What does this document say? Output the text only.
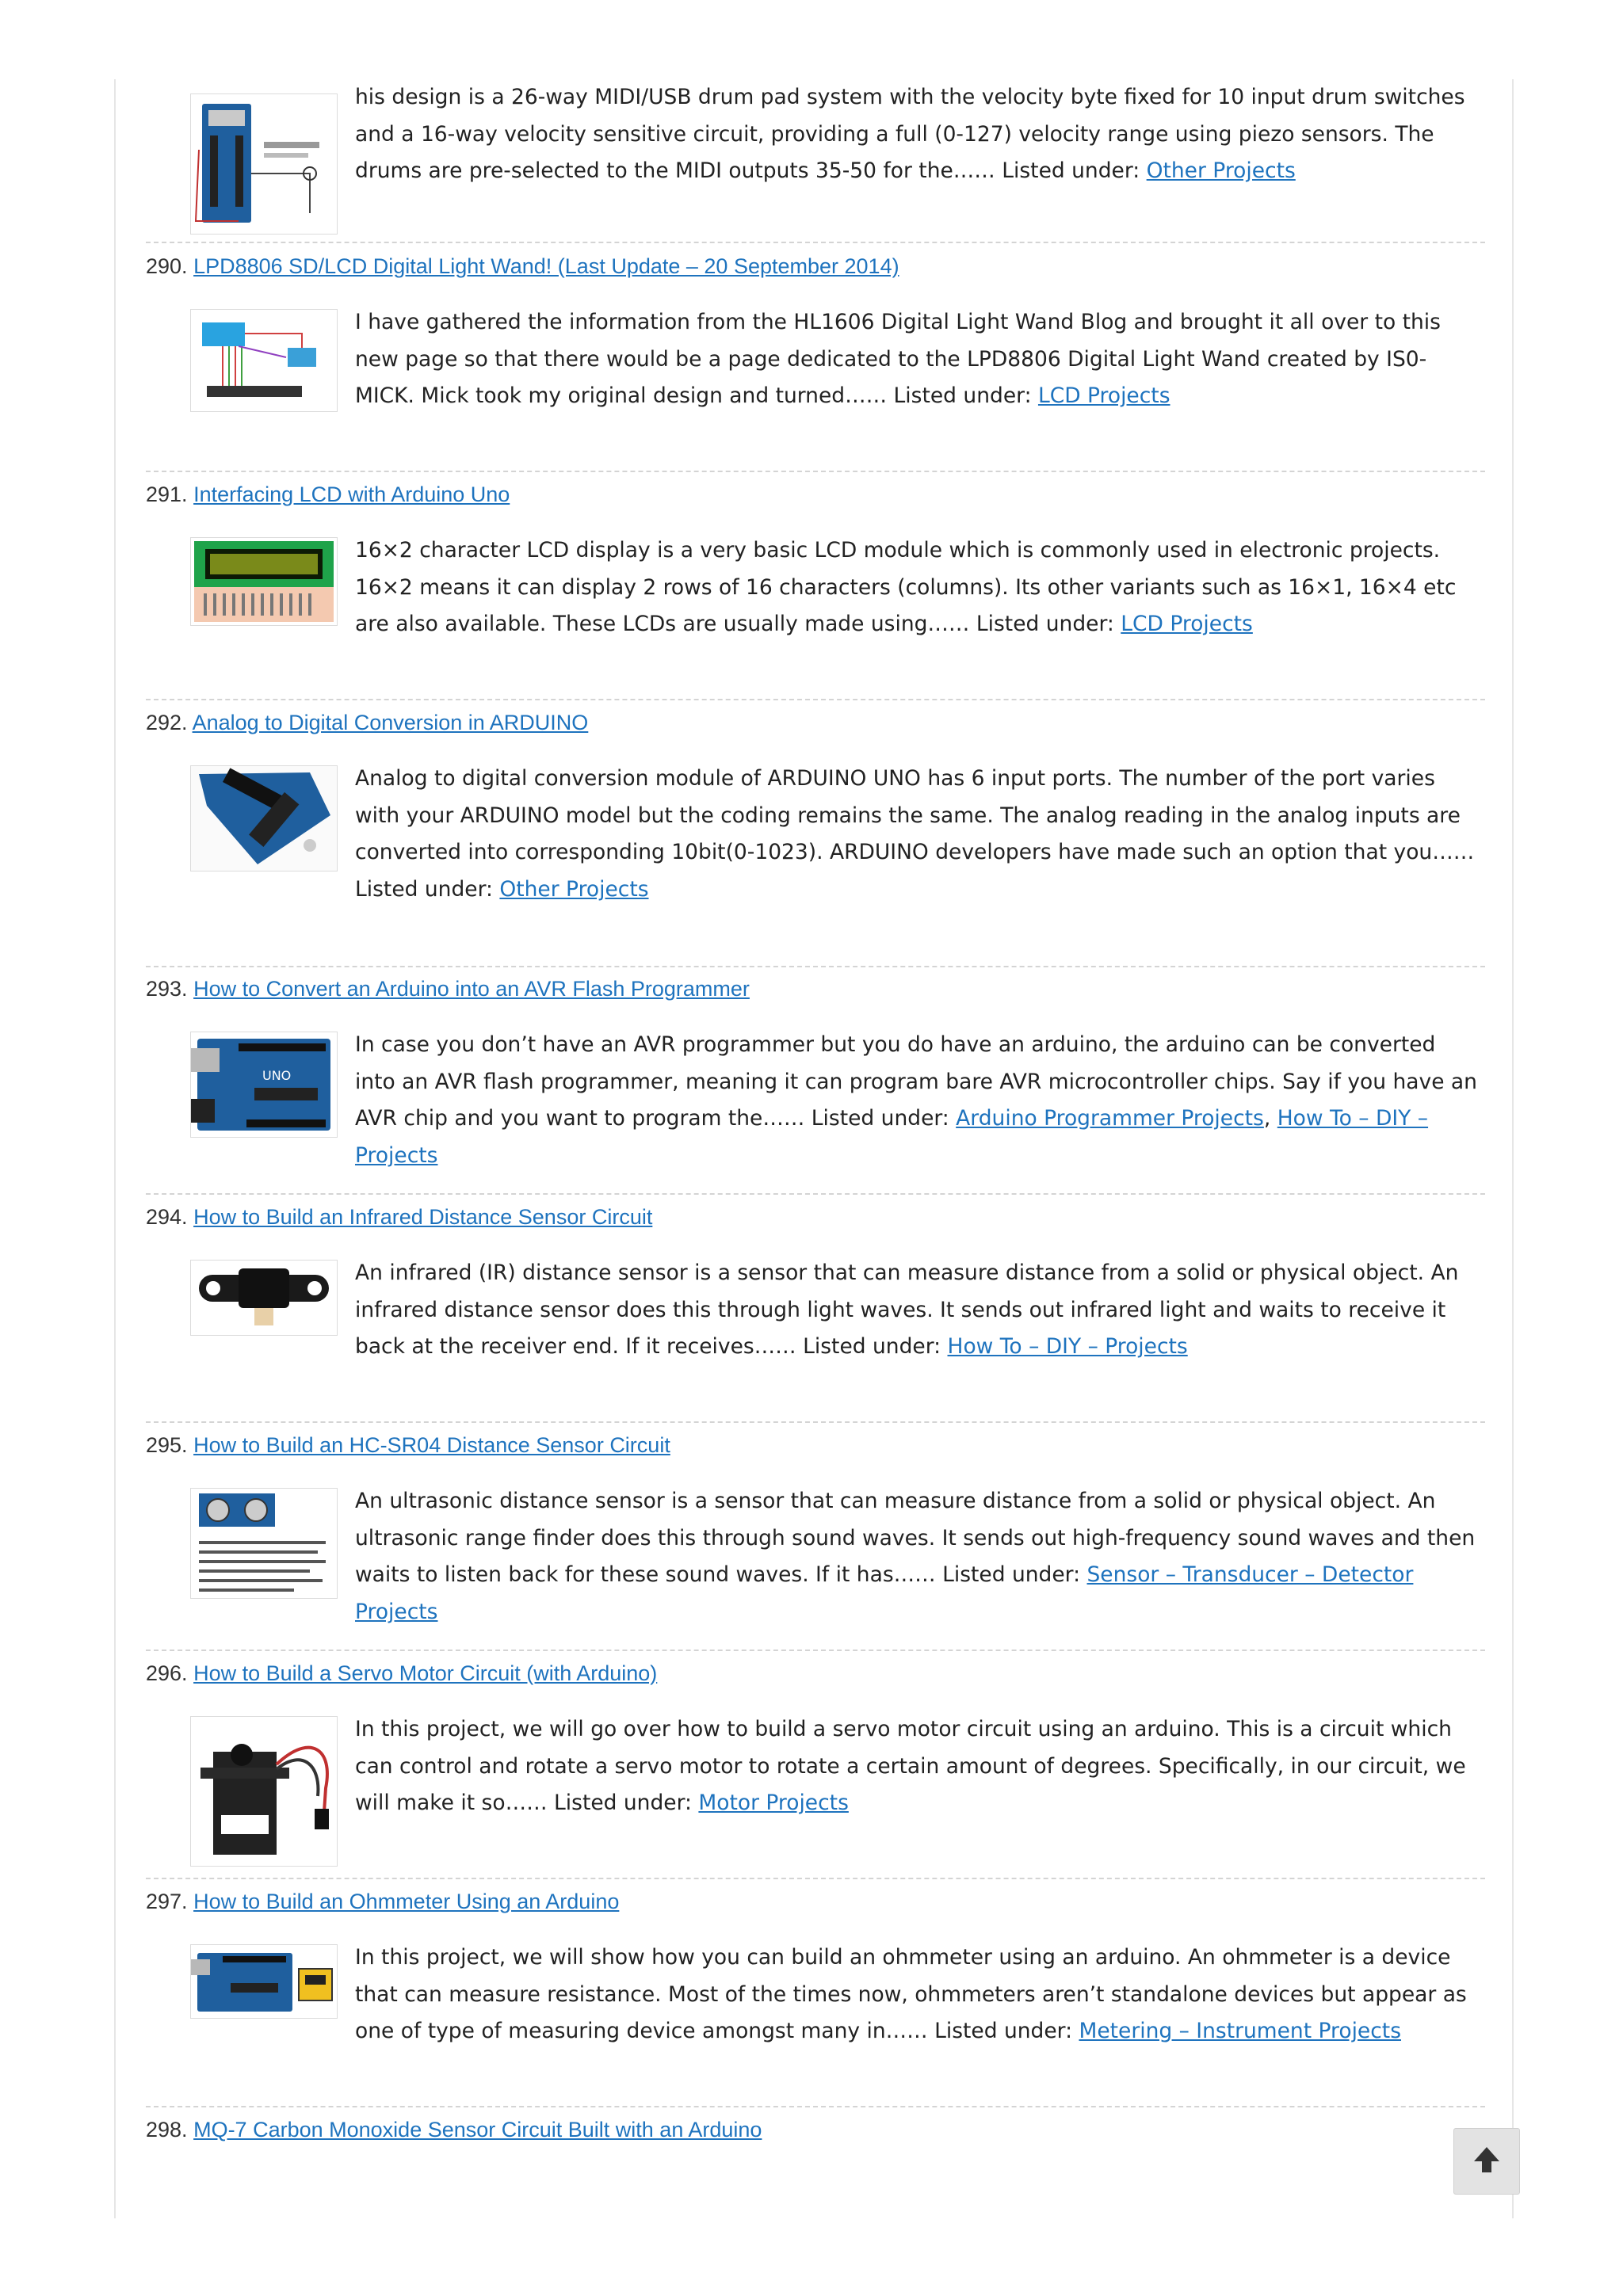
his design is a 26-way MIDI/USB drum pad system with the velocity byte fixed for 10 input drum switches and a 16-way velocity sensitive circuit, providing a full (0-127) velocity range using piezo sensors. The drums are pre-selected to the MIDI outputs 35-50 for the…… Listed under: Other Projects
290. LPD8806 SD/LCD Digital Light Wand! (Last Update – 20 September 2014)
I have gathered the information from the HL1606 Digital Light Wand Blog and brought it all over to this new page so that there would be a page dedicated to the LPD8806 Digital Light Wand created by IS0-MICK. Mick took my original design and turned…… Listed under: LCD Projects
291. Interfacing LCD with Arduino Uno
16×2 character LCD display is a very basic LCD module which is commonly used in electronic projects. 16×2 means it can display 2 rows of 16 characters (columns). Its other variants such as 16×1, 16×4 etc are also available. These LCDs are usually made using…… Listed under: LCD Projects
292. Analog to Digital Conversion in ARDUINO
Analog to digital conversion module of ARDUINO UNO has 6 input ports. The number of the port varies with your ARDUINO model but the coding remains the same. The analog reading in the analog inputs are converted into corresponding 10bit(0-1023). ARDUINO developers have made such an option that you…… Listed under: Other Projects
293. How to Convert an Arduino into an AVR Flash Programmer
UNO
In case you don’t have an AVR programmer but you do have an arduino, the arduino can be converted into an AVR flash programmer, meaning it can program bare AVR microcontroller chips. Say if you have an AVR chip and you want to program the…… Listed under: Arduino Programmer Projects, How To – DIY – Projects
294. How to Build an Infrared Distance Sensor Circuit
An infrared (IR) distance sensor is a sensor that can measure distance from a solid or physical object. An infrared distance sensor does this through light waves. It sends out infrared light and waits to receive it back at the receiver end. If it receives…… Listed under: How To – DIY – Projects
295. How to Build an HC-SR04 Distance Sensor Circuit
An ultrasonic distance sensor is a sensor that can measure distance from a solid or physical object. An ultrasonic range finder does this through sound waves. It sends out high-frequency sound waves and then waits to listen back for these sound waves. If it has…… Listed under: Sensor – Transducer – Detector Projects
296. How to Build a Servo Motor Circuit (with Arduino)
In this project, we will go over how to build a servo motor circuit using an arduino. This is a circuit which can control and rotate a servo motor to rotate a certain amount of degrees. Specifically, in our circuit, we will make it so…… Listed under: Motor Projects
297. How to Build an Ohmmeter Using an Arduino
In this project, we will show how you can build an ohmmeter using an arduino. An ohmmeter is a device that can measure resistance. Most of the times now, ohmmeters aren’t standalone devices but appear as one of type of measuring device amongst many in…… Listed under: Metering – Instrument Projects
298. MQ-7 Carbon Monoxide Sensor Circuit Built with an Arduino
